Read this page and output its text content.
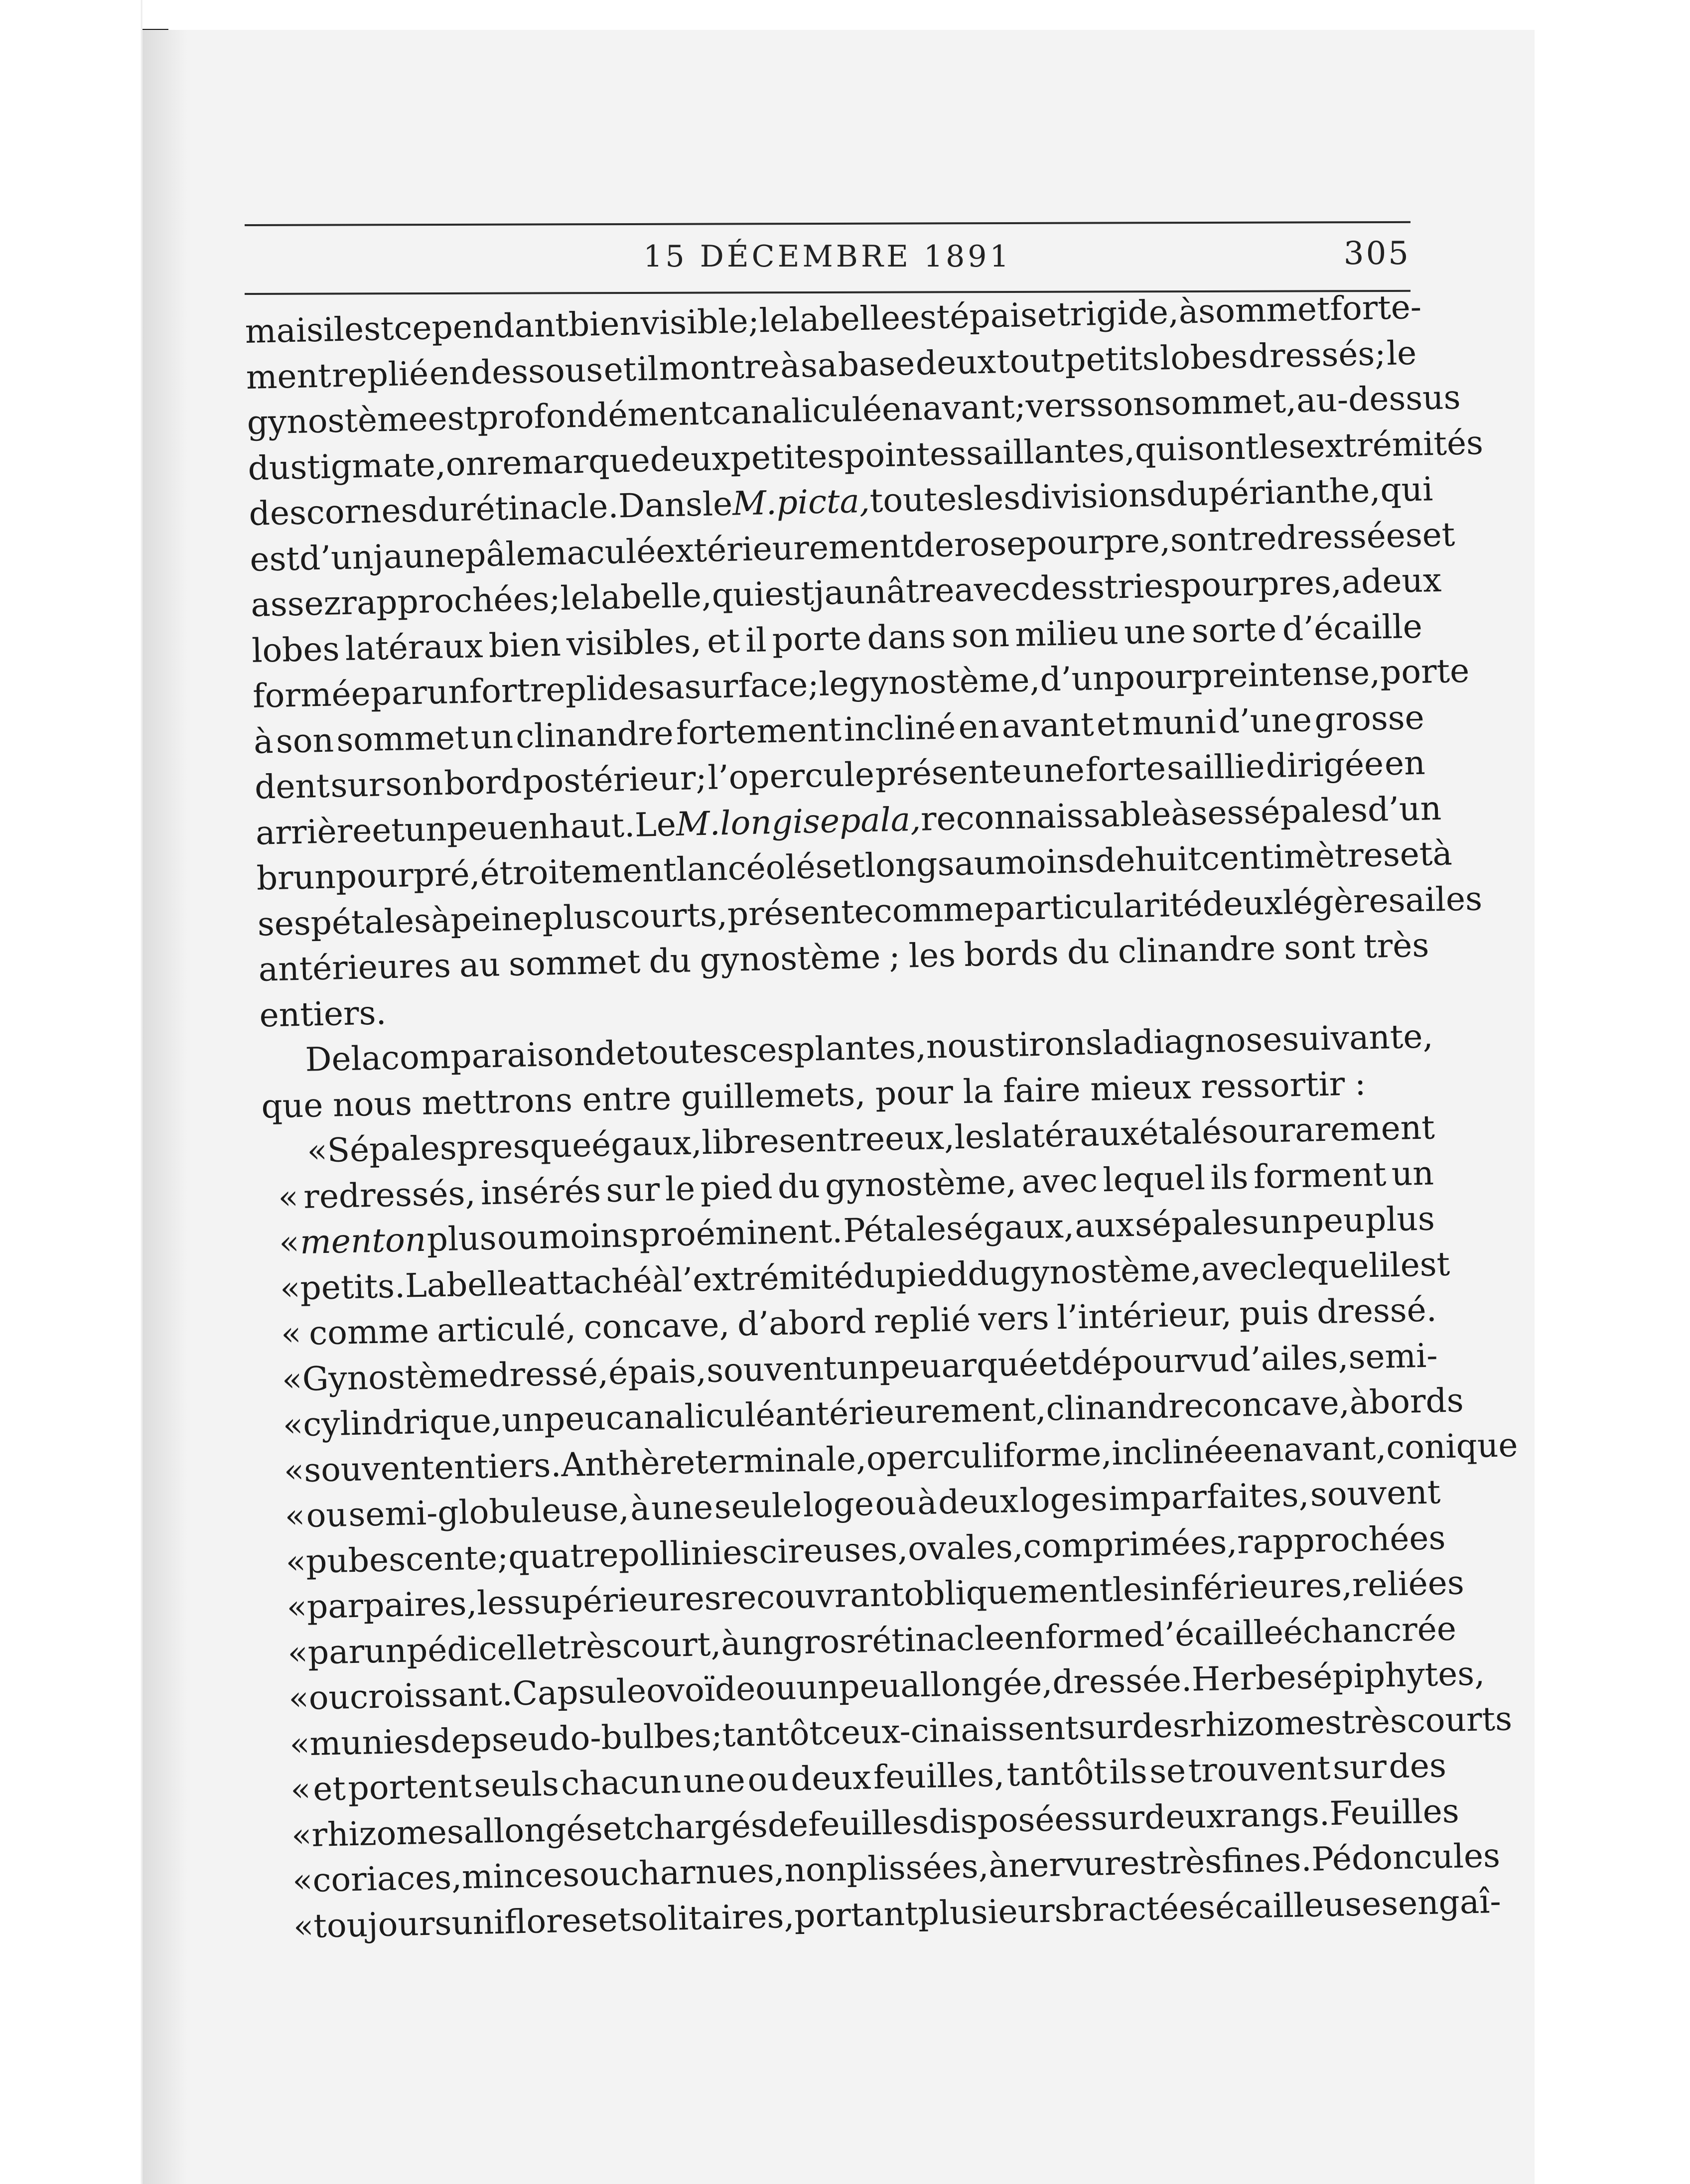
15 DÉCEMBRE 1891	305
mais
il
est
cependant
bien
visible;
le
labelle
est
épais
et
rigide,
à
sommet
forte-
ment replié en dessous et il montre à sa base deux tout petits lobes dressés; le
gynostème
est
profondément
canaliculé
en
avant;
vers
son
sommet,
au-dessus
du
stigmate,
on
remarque
deux
petites
pointes
saillantes,
qui
sont
les
extrémités
des
cornes
du
rétinacle.
Dans
le
M.
picta,
toutes
les
divisions
du
périanthe,
qui
est
d’un
jaune
pâle
maculé
extérieurement
de
rose
pourpre,
sont
redressées
et
assez
rapprochées;
le
labelle,
qui
est
jaunâtre
avec
des
stries
pourpres,
a
deux
lobes latéraux bien visibles, et il porte dans son milieu une sorte d’écaille
formée
par
un
fort
repli
de
sa
surface
;
le
gynostème,
d’un
pourpre
intense,
porte
à son sommet un clinandre fortement incliné en avant et muni d’une grosse
dent sur son bord postérieur; l’opercule présente une forte saillie dirigée en
arrière
et
un
peu
en
haut.
Le
M.
longisepala,
reconnaissable
à
ses
sépales
d’un
brun
pourpré,
étroitement
lancéolés
et
longs
au
moins
de
huit
centimètres
et
à
ses
pétales
à
peine
plus
courts,
présente
comme
particularité
deux
légères
ailes
antérieures au sommet du gynostème ; les bords du clinandre sont très
entiers.
De
la
comparaison
de
toutes
ces
plantes,
nous
tirons
la
diagnose
suivante,
que nous mettrons entre guillemets, pour la faire mieux ressortir :
«
Sépales
presque
égaux,
libres
entre
eux,
les
latéraux
étalés
ou
rarement
« redressés, insérés sur le pied du gynostème, avec lequel ils forment un
« menton plus ou moins proéminent. Pétales égaux, aux sépales un peu plus
«
petits.
Labelle
attaché
à
l’extrémité
du
pied
du
gynostème,
avec
lequel
il
est
« comme articulé, concave, d’abord replié vers l’intérieur, puis dressé.
«
Gynostème
dressé,
épais,
souvent
un
peu
arqué
et
dépourvu
d’ailes,
semi-
«
cylindrique,
un
peu
canaliculé
antérieurement,
clinandre
concave,
à
bords
«
souvent
entiers.
Anthère
terminale,
operculiforme,
inclinée
en
avant,
conique
« ou semi-globuleuse, à une seule loge ou à deux loges imparfaites, souvent
«
pubescente;
quatre
pollinies
cireuses,
ovales,
comprimées,
rapprochées
«
par
paires,
les
supérieures
recouvrant
obliquement
les
inférieures,
reliées
«
par
un
pédicelle
très
court,
à
un
gros
rétinacle
en
forme
d’écaille
échancrée
«
ou
croissant.
Capsule
ovoïde
ou
un
peu
allongée,
dressée.
Herbes
épiphytes,
«
munies
de
pseudo-bulbes;
tantôt
ceux-ci
naissent
sur
des
rhizomes
très
courts
« et portent seuls chacun une ou deux feuilles, tantôt ils se trouvent sur des
«
rhizomes
allongés
et
chargés
de
feuilles
disposées
sur
deux
rangs.
Feuilles
«
coriaces,
minces
ou
charnues,
non
plissées,
à
nervures
très
fines.
Pédoncules
«
toujours
uniflores
et
solitaires,
portant
plusieurs
bractées
écailleuses
engaî-
